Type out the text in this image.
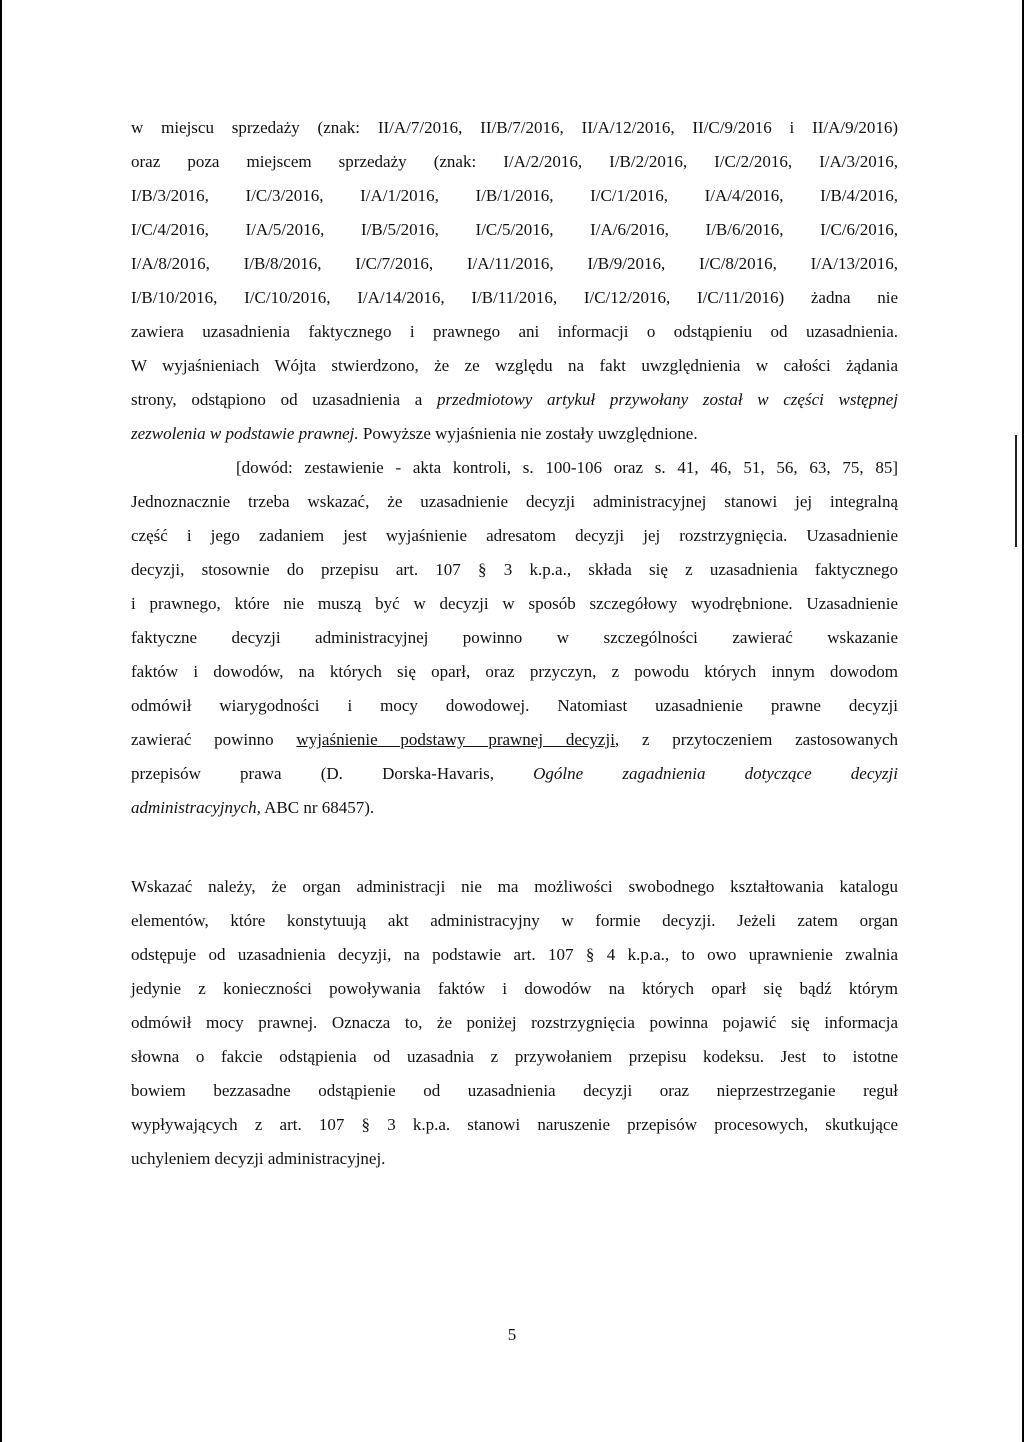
w miejscu sprzedaży (znak: II/A/7/2016, II/B/7/2016, II/A/12/2016, II/C/9/2016 i II/A/9/2016)
oraz poza miejscem sprzedaży (znak: I/A/2/2016, I/B/2/2016, I/C/2/2016, I/A/3/2016,
I/B/3/2016, I/C/3/2016, I/A/1/2016, I/B/1/2016, I/C/1/2016, I/A/4/2016, I/B/4/2016,
I/C/4/2016, I/A/5/2016, I/B/5/2016, I/C/5/2016, I/A/6/2016, I/B/6/2016, I/C/6/2016,
I/A/8/2016, I/B/8/2016, I/C/7/2016, I/A/11/2016, I/B/9/2016, I/C/8/2016, I/A/13/2016,
I/B/10/2016, I/C/10/2016, I/A/14/2016, I/B/11/2016, I/C/12/2016, I/C/11/2016) żadna nie
zawiera uzasadnienia faktycznego i prawnego ani informacji o odstąpieniu od uzasadnienia.
W wyjaśnieniach Wójta stwierdzono, że ze względu na fakt uwzględnienia w całości żądania
strony, odstąpiono od uzasadnienia a przedmiotowy artykuł przywołany został w części wstępnej
zezwolenia w podstawie prawnej. Powyższe wyjaśnienia nie zostały uwzględnione.
[dowód: zestawienie - akta kontroli, s. 100-106 oraz s. 41, 46, 51, 56, 63, 75, 85]
Jednoznacznie trzeba wskazać, że uzasadnienie decyzji administracyjnej stanowi jej integralną
część i jego zadaniem jest wyjaśnienie adresatom decyzji jej rozstrzygnięcia. Uzasadnienie
decyzji, stosownie do przepisu art. 107 § 3 k.p.a., składa się z uzasadnienia faktycznego
i prawnego, które nie muszą być w decyzji w sposób szczegółowy wyodrębnione. Uzasadnienie
faktyczne decyzji administracyjnej powinno w szczególności zawierać wskazanie
faktów i dowodów, na których się oparł, oraz przyczyn, z powodu których innym dowodom
odmówił wiarygodności i mocy dowodowej. Natomiast uzasadnienie prawne decyzji
zawierać powinno wyjaśnienie podstawy prawnej decyzji, z przytoczeniem zastosowanych
przepisów prawa (D. Dorska-Havaris, Ogólne zagadnienia dotyczące decyzji
administracyjnych, ABC nr 68457).
Wskazać należy, że organ administracji nie ma możliwości swobodnego kształtowania katalogu
elementów, które konstytuują akt administracyjny w formie decyzji. Jeżeli zatem organ
odstępuje od uzasadnienia decyzji, na podstawie art. 107 § 4 k.p.a., to owo uprawnienie zwalnia
jedynie z konieczności powoływania faktów i dowodów na których oparł się bądź którym
odmówił mocy prawnej. Oznacza to, że poniżej rozstrzygnięcia powinna pojawić się informacja
słowna o fakcie odstąpienia od uzasadnia z przywołaniem przepisu kodeksu. Jest to istotne
bowiem bezzasadne odstąpienie od uzasadnienia decyzji oraz nieprzestrzeganie reguł
wypływających z art. 107 § 3 k.p.a. stanowi naruszenie przepisów procesowych, skutkujące
uchyleniem decyzji administracyjnej.
5
